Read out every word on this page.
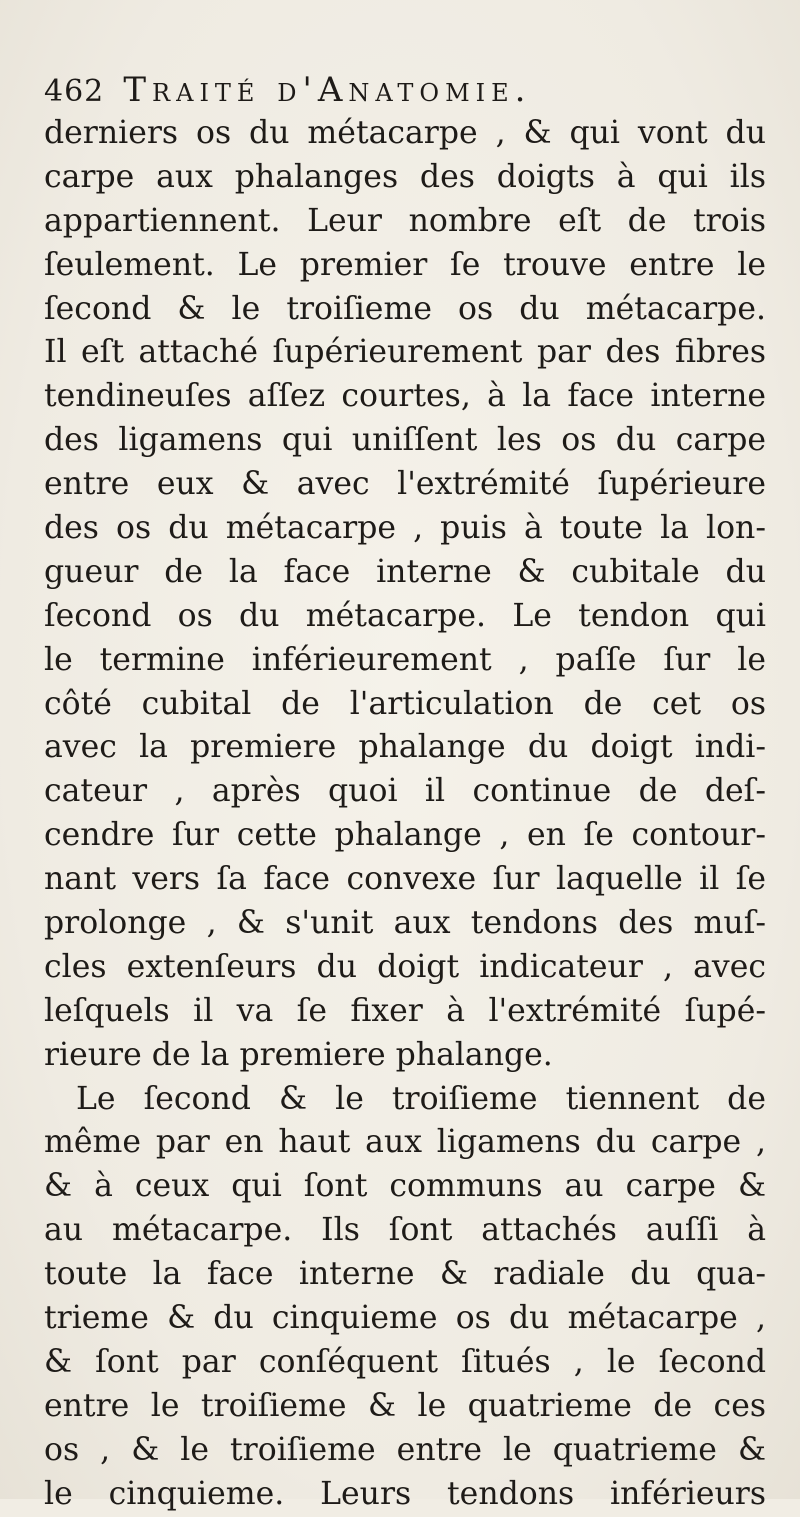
462 Traité d'Anatomie.
derniers os du métacarpe , & qui vont du
carpe aux phalanges des doigts à qui ils
appartiennent. Leur nombre eſt de trois
ſeulement. Le premier ſe trouve entre le
ſecond & le troiſieme os du métacarpe.
Il eſt attaché ſupérieurement par des fibres
tendineuſes aſſez courtes, à la face interne
des ligamens qui uniſſent les os du carpe
entre eux & avec l'extrémité ſupérieure
des os du métacarpe , puis à toute la lon-
gueur de la face interne & cubitale du
ſecond os du métacarpe. Le tendon qui
le termine inférieurement , paſſe ſur le
côté cubital de l'articulation de cet os
avec la premiere phalange du doigt indi-
cateur , après quoi il continue de deſ-
cendre ſur cette phalange , en ſe contour-
nant vers ſa face convexe ſur laquelle il ſe
prolonge , & s'unit aux tendons des muſ-
cles extenſeurs du doigt indicateur , avec
leſquels il va ſe fixer à l'extrémité ſupé-
rieure de la premiere phalange.
Le ſecond & le troiſieme tiennent de
même par en haut aux ligamens du carpe ,
& à ceux qui ſont communs au carpe &
au métacarpe. Ils ſont attachés auſſi à
toute la face interne & radiale du qua-
trieme & du cinquieme os du métacarpe ,
& ſont par conſéquent ſitués , le ſecond
entre le troiſieme & le quatrieme de ces
os , & le troiſieme entre le quatrieme &
le cinquieme. Leurs tendons inférieurs
